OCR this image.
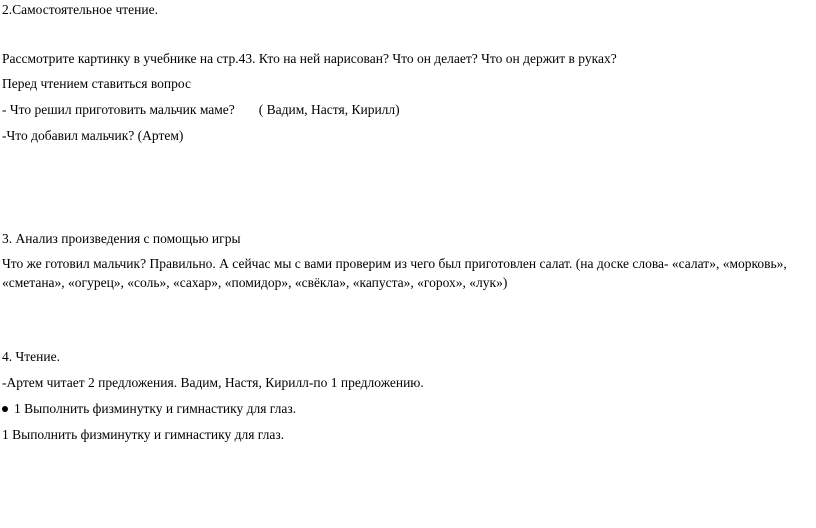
2.Самостоятельное чтение.
Рассмотрите картинку в учебнике на стр.43. Кто на ней нарисован? Что он делает? Что он держит в руках?
Перед чтением ставиться вопрос
- Что решил приготовить мальчик маме? ( Вадим, Настя, Кирилл)
-Что добавил мальчик? (Артем)
3. Анализ произведения с помощью игры
Что же готовил мальчик? Правильно. А сейчас мы с вами проверим из чего был приготовлен салат. (на доске слова- «салат», «морковь»,
«сметана», «огурец», «соль», «сахар», «помидор», «свёкла», «капуста», «горох», «лук»)
4. Чтение.
-Артем читает 2 предложения. Вадим, Настя, Кирилл-по 1 предложению.
1 Выполнить физминутку и гимнастику для глаз.
1 Выполнить физминутку и гимнастику для глаз.
